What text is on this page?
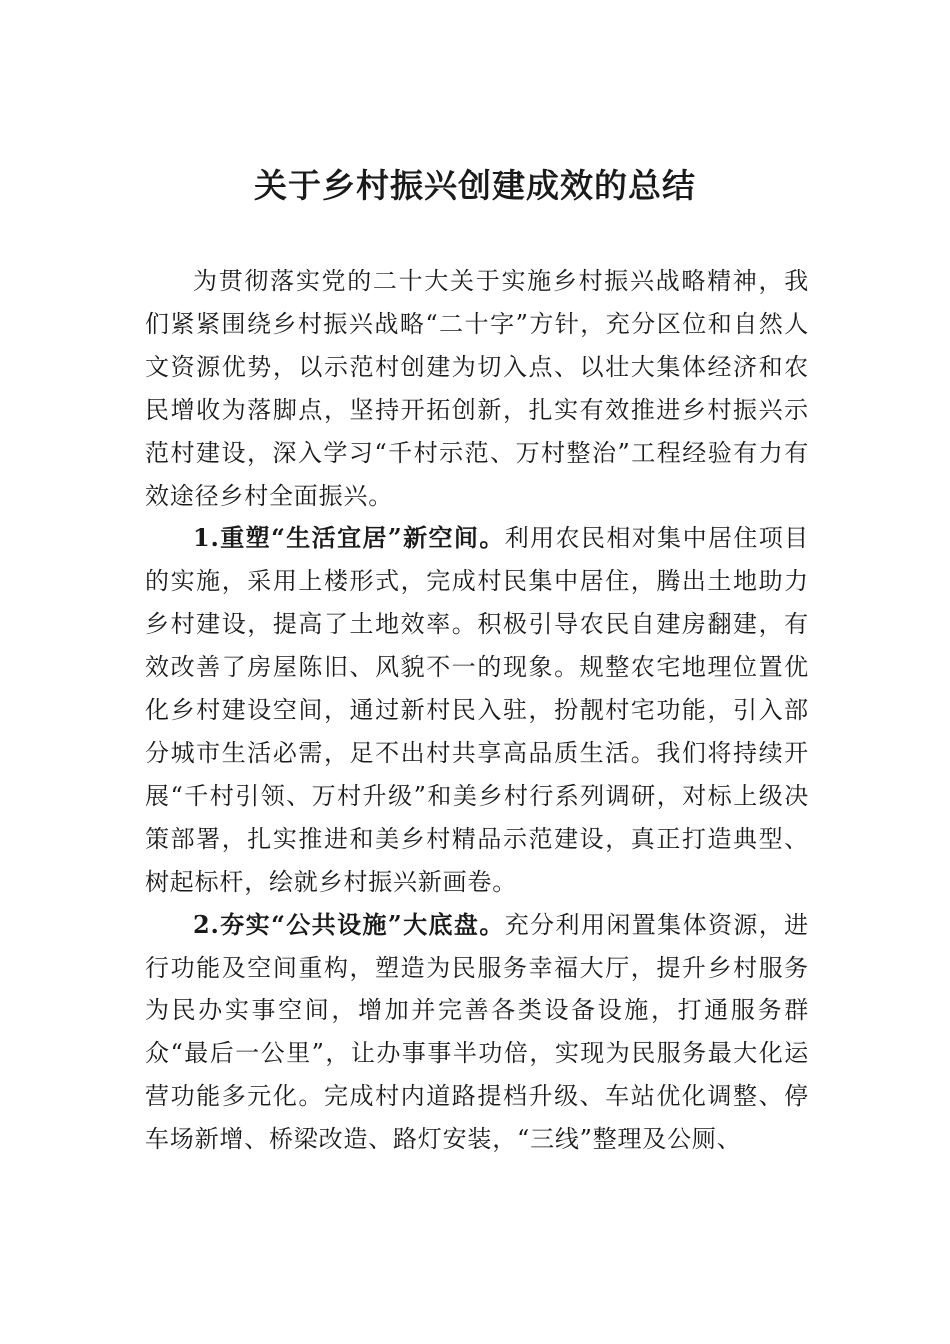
关于乡村振兴创建成效的总结

为贯彻落实党的二十大关于实施乡村振兴战略精神，我们紧紧围绕乡村振兴战略“二十字”方针，充分区位和自然人文资源优势，以示范村创建为切入点、以壮大集体经济和农民增收为落脚点，坚持开拓创新，扎实有效推进乡村振兴示范村建设，深入学习“千村示范、万村整治”工程经验有力有效途径乡村全面振兴。

1.重塑“生活宜居”新空间。利用农民相对集中居住项目的实施，采用上楼形式，完成村民集中居住，腾出土地助力乡村建设，提高了土地效率。积极引导农民自建房翻建，有效改善了房屋陈旧、风貌不一的现象。规整农宅地理位置优化乡村建设空间，通过新村民入驻，扮靓村宅功能，引入部分城市生活必需，足不出村共享高品质生活。我们将持续开展“千村引领、万村升级”和美乡村行系列调研，对标上级决策部署，扎实推进和美乡村精品示范建设，真正打造典型、树起标杆，绘就乡村振兴新画卷。

2.夯实“公共设施”大底盘。充分利用闲置集体资源，进行功能及空间重构，塑造为民服务幸福大厅，提升乡村服务为民办实事空间，增加并完善各类设备设施，打通服务群众“最后一公里”，让办事事半功倍，实现为民服务最大化运营功能多元化。完成村内道路提档升级、车站优化调整、停车场新增、桥梁改造、路灯安装，“三线”整理及公厕、
